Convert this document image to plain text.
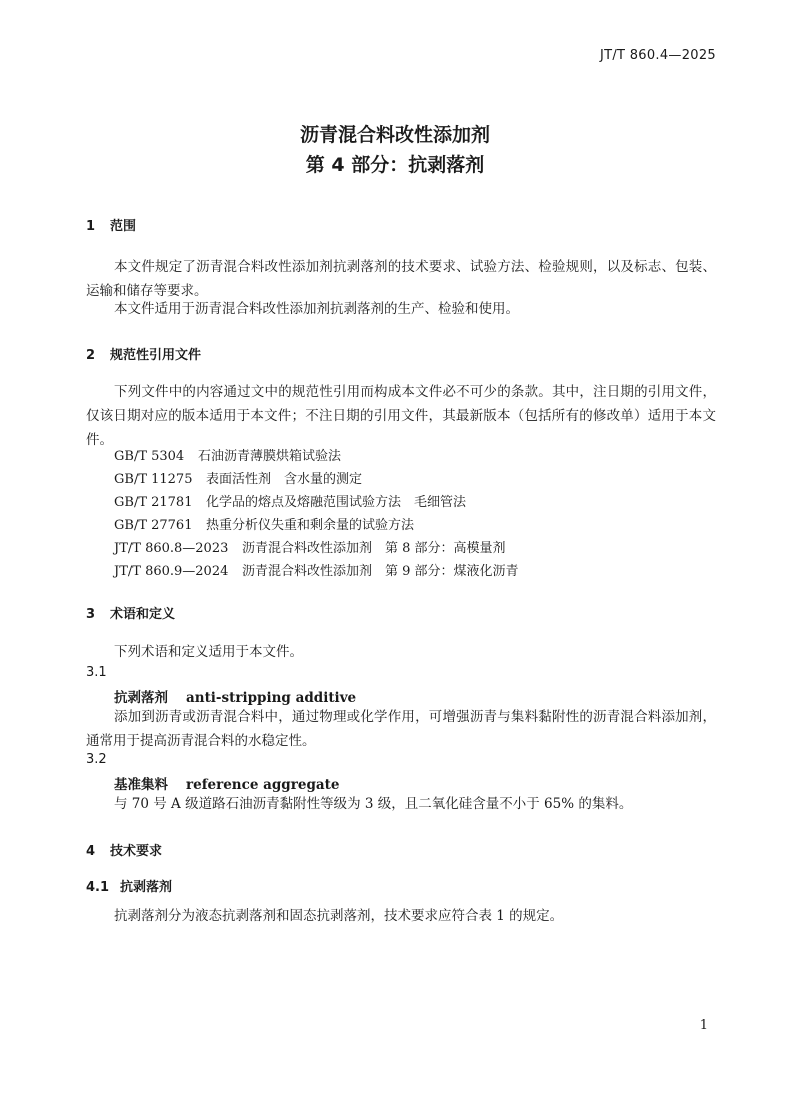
JT/T 860.4—2025
沥青混合料改性添加剂
第 4 部分：抗剥落剂
1 范围
本文件规定了沥青混合料改性添加剂抗剥落剂的技术要求、试验方法、检验规则，以及标志、包装、运输和储存等要求。
本文件适用于沥青混合料改性添加剂抗剥落剂的生产、检验和使用。
2 规范性引用文件
下列文件中的内容通过文中的规范性引用而构成本文件必不可少的条款。其中，注日期的引用文件，仅该日期对应的版本适用于本文件；不注日期的引用文件，其最新版本（包括所有的修改单）适用于本文件。
GB/T 5304 石油沥青薄膜烘箱试验法
GB/T 11275 表面活性剂　含水量的测定
GB/T 21781 化学品的熔点及熔融范围试验方法　毛细管法
GB/T 27761 热重分析仪失重和剩余量的试验方法
JT/T 860.8—2023 沥青混合料改性添加剂　第 8 部分：高模量剂
JT/T 860.9—2024 沥青混合料改性添加剂　第 9 部分：煤液化沥青
3 术语和定义
下列术语和定义适用于本文件。
3.1
抗剥落剂 anti-stripping additive
添加到沥青或沥青混合料中，通过物理或化学作用，可增强沥青与集料黏附性的沥青混合料添加剂，通常用于提高沥青混合料的水稳定性。
3.2
基准集料 reference aggregate
与 70 号 A 级道路石油沥青黏附性等级为 3 级，且二氧化硅含量不小于 65% 的集料。
4 技术要求
4.1 抗剥落剂
抗剥落剂分为液态抗剥落剂和固态抗剥落剂，技术要求应符合表 1 的规定。
1
